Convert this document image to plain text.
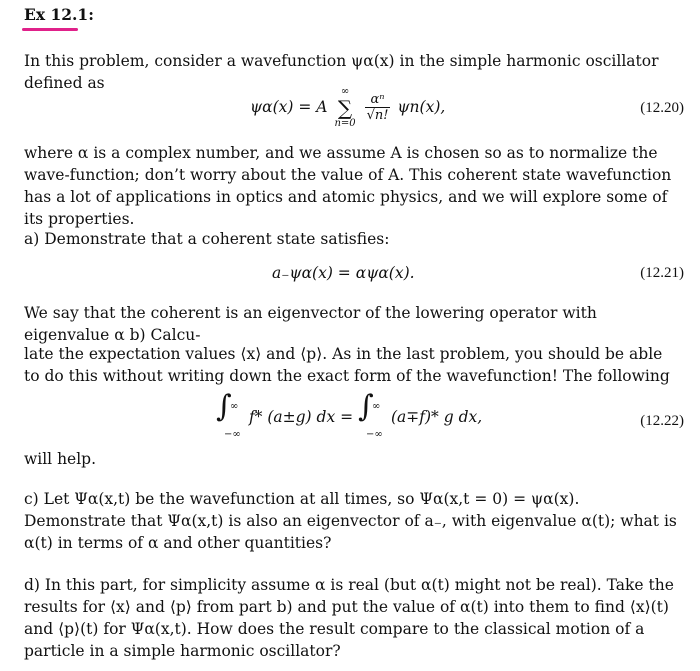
Ex 12.1:

In this problem, consider a wavefunction ψα(x) in the simple harmonic oscillator defined as

ψα(x) = A
∞
∑
n=0
$\frac{\text{αⁿ}}{√n!} \psi n(x)$,	(12.20)

where α is a complex number, and we assume A is chosen so as to normalize the wave-function; don’t worry about the value of A. This coherent state wavefunction has a lot of applications in optics and atomic physics, and we will explore some of its properties.

a) Demonstrate that a coherent state satisfies:

a₋ψα(x) = αψα(x).	(12.21)

We say that the coherent is an eigenvector of the lowering operator with eigenvalue α b) Calcu-

late the expectation values ⟨x⟩ and ⟨p⟩. As in the last problem, you should be able to do this without writing down the exact form of the wavefunction! The following

∫
∞
−∞
f* (a±g) dx = ∫
∞
−∞
(a∓f)* g dx,	(12.22)

will help.

c) Let Ψα(x,t) be the wavefunction at all times, so Ψα(x,t = 0) = ψα(x). Demonstrate that Ψα(x,t) is also an eigenvector of a₋, with eigenvalue α(t); what is α(t) in terms of α and other quantities?

d) In this part, for simplicity assume α is real (but α(t) might not be real). Take the results for ⟨x⟩ and ⟨p⟩ from part b) and put the value of α(t) into them to find ⟨x⟩(t) and ⟨p⟩(t) for Ψα(x,t). How does the result compare to the classical motion of a particle in a simple harmonic oscillator?
